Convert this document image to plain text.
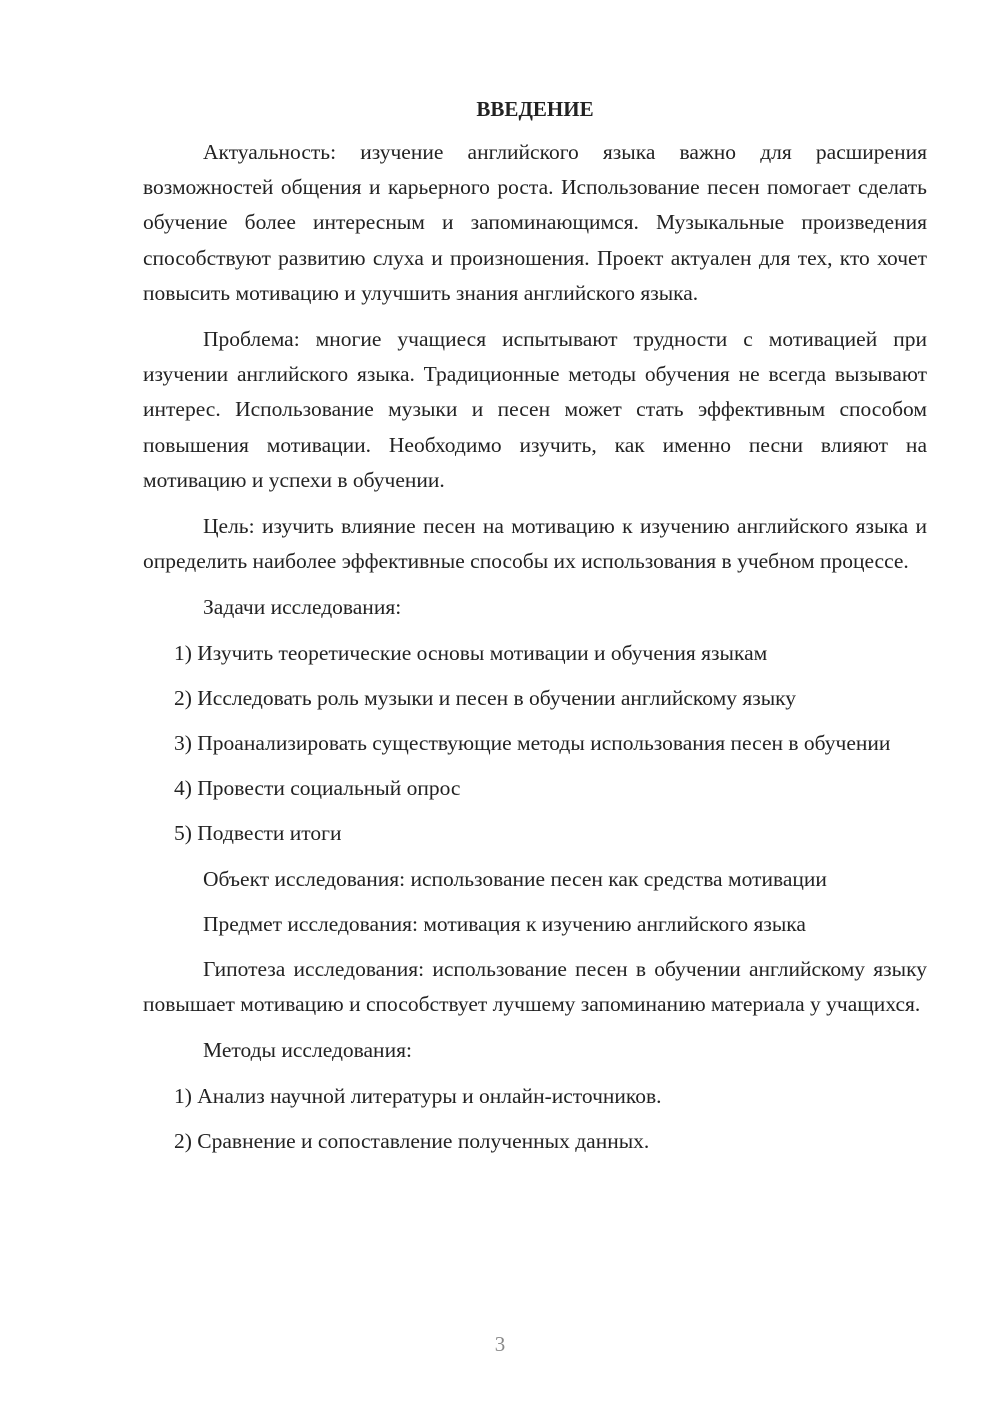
ВВЕДЕНИЕ

Актуальность: изучение английского языка важно для расширения возможностей общения и карьерного роста. Использование песен помогает сделать обучение более интересным и запоминающимся. Музыкальные произведения способствуют развитию слуха и произношения. Проект актуален для тех, кто хочет повысить мотивацию и улучшить знания английского языка.

Проблема: многие учащиеся испытывают трудности с мотивацией при изучении английского языка. Традиционные методы обучения не всегда вызывают интерес. Использование музыки и песен может стать эффективным способом повышения мотивации. Необходимо изучить, как именно песни влияют на мотивацию и успехи в обучении.

Цель: изучить влияние песен на мотивацию к изучению английского языка и определить наиболее эффективные способы их использования в учебном процессе.

Задачи исследования:

1) Изучить теоретические основы мотивации и обучения языкам

2) Исследовать роль музыки и песен в обучении английскому языку

3) Проанализировать существующие методы использования песен в обучении

4) Провести социальный опрос

5) Подвести итоги

Объект исследования: использование песен как средства мотивации

Предмет исследования: мотивация к изучению английского языка

Гипотеза исследования: использование песен в обучении английскому языку повышает мотивацию и способствует лучшему запоминанию материала у учащихся.

Методы исследования:

1) Анализ научной литературы и онлайн-источников.

2) Сравнение и сопоставление полученных данных.

3
